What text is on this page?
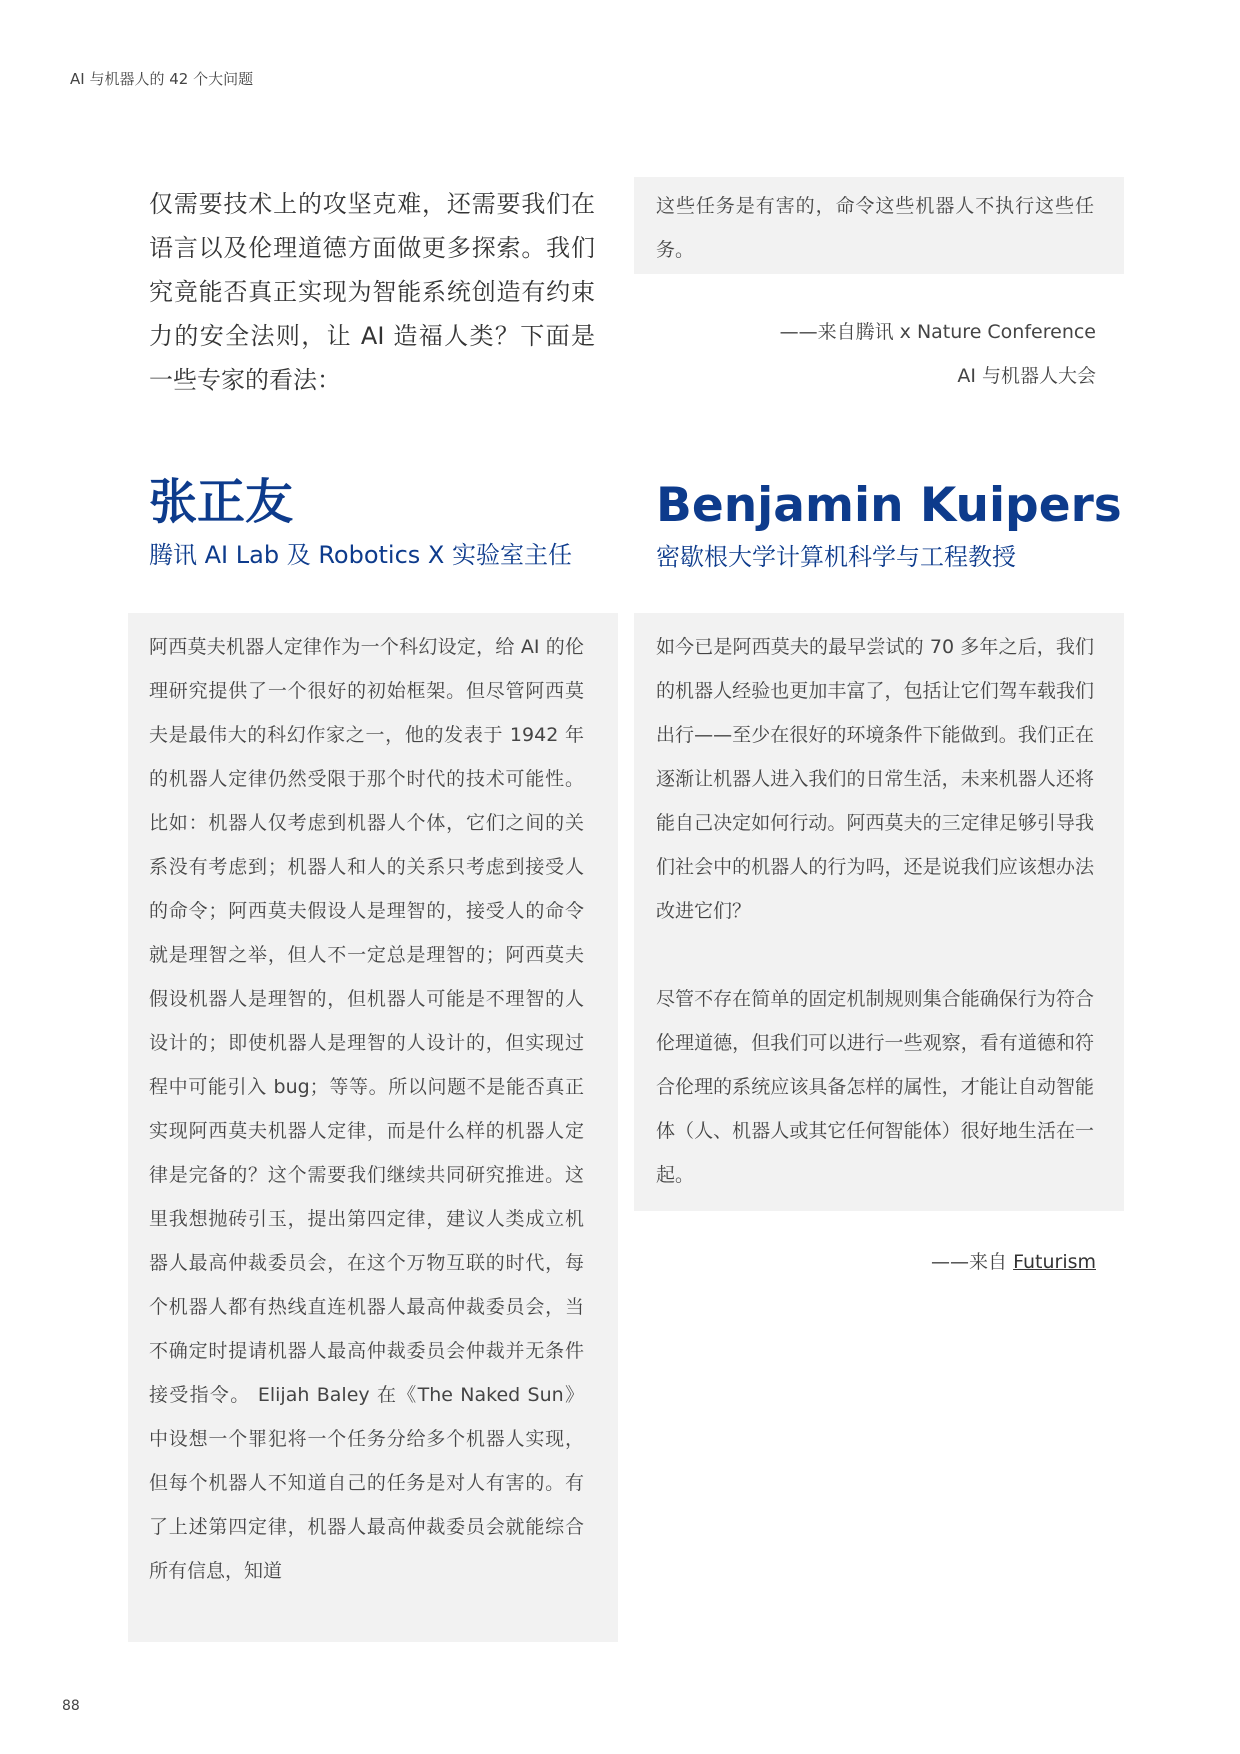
AI 与机器人的 42 个大问题
仅需要技术上的攻坚克难，还需要我们在语言以及伦理道德方面做更多探索。我们究竟能否真正实现为智能系统创造有约束力的安全法则，让 AI 造福人类？下面是一些专家的看法：
这些任务是有害的，命令这些机器人不执行这些任务。
——来自腾讯 x Nature Conference
AI 与机器人大会
张正友
腾讯 AI Lab 及 Robotics X 实验室主任
Benjamin Kuipers
密歇根大学计算机科学与工程教授
阿西莫夫机器人定律作为一个科幻设定，给 AI 的伦理研究提供了一个很好的初始框架。但尽管阿西莫夫是最伟大的科幻作家之一，他的发表于 1942 年的机器人定律仍然受限于那个时代的技术可能性。比如：机器人仅考虑到机器人个体，它们之间的关系没有考虑到；机器人和人的关系只考虑到接受人的命令；阿西莫夫假设人是理智的，接受人的命令就是理智之举，但人不一定总是理智的；阿西莫夫假设机器人是理智的，但机器人可能是不理智的人设计的；即使机器人是理智的人设计的，但实现过程中可能引入 bug；等等。所以问题不是能否真正实现阿西莫夫机器人定律，而是什么样的机器人定律是完备的？这个需要我们继续共同研究推进。这里我想抛砖引玉，提出第四定律，建议人类成立机器人最高仲裁委员会，在这个万物互联的时代，每个机器人都有热线直连机器人最高仲裁委员会，当不确定时提请机器人最高仲裁委员会仲裁并无条件接受指令。 Elijah Baley 在《The Naked Sun》中设想一个罪犯将一个任务分给多个机器人实现，但每个机器人不知道自己的任务是对人有害的。有了上述第四定律，机器人最高仲裁委员会就能综合所有信息，知道

如今已是阿西莫夫的最早尝试的 70 多年之后，我们的机器人经验也更加丰富了，包括让它们驾车载我们出行——至少在很好的环境条件下能做到。我们正在逐渐让机器人进入我们的日常生活，未来机器人还将能自己决定如何行动。阿西莫夫的三定律足够引导我们社会中的机器人的行为吗，还是说我们应该想办法改进它们？

尽管不存在简单的固定机制规则集合能确保行为符合伦理道德，但我们可以进行一些观察，看有道德和符合伦理的系统应该具备怎样的属性，才能让自动智能体（人、机器人或其它任何智能体）很好地生活在一起。

——来自 Futurism
88
